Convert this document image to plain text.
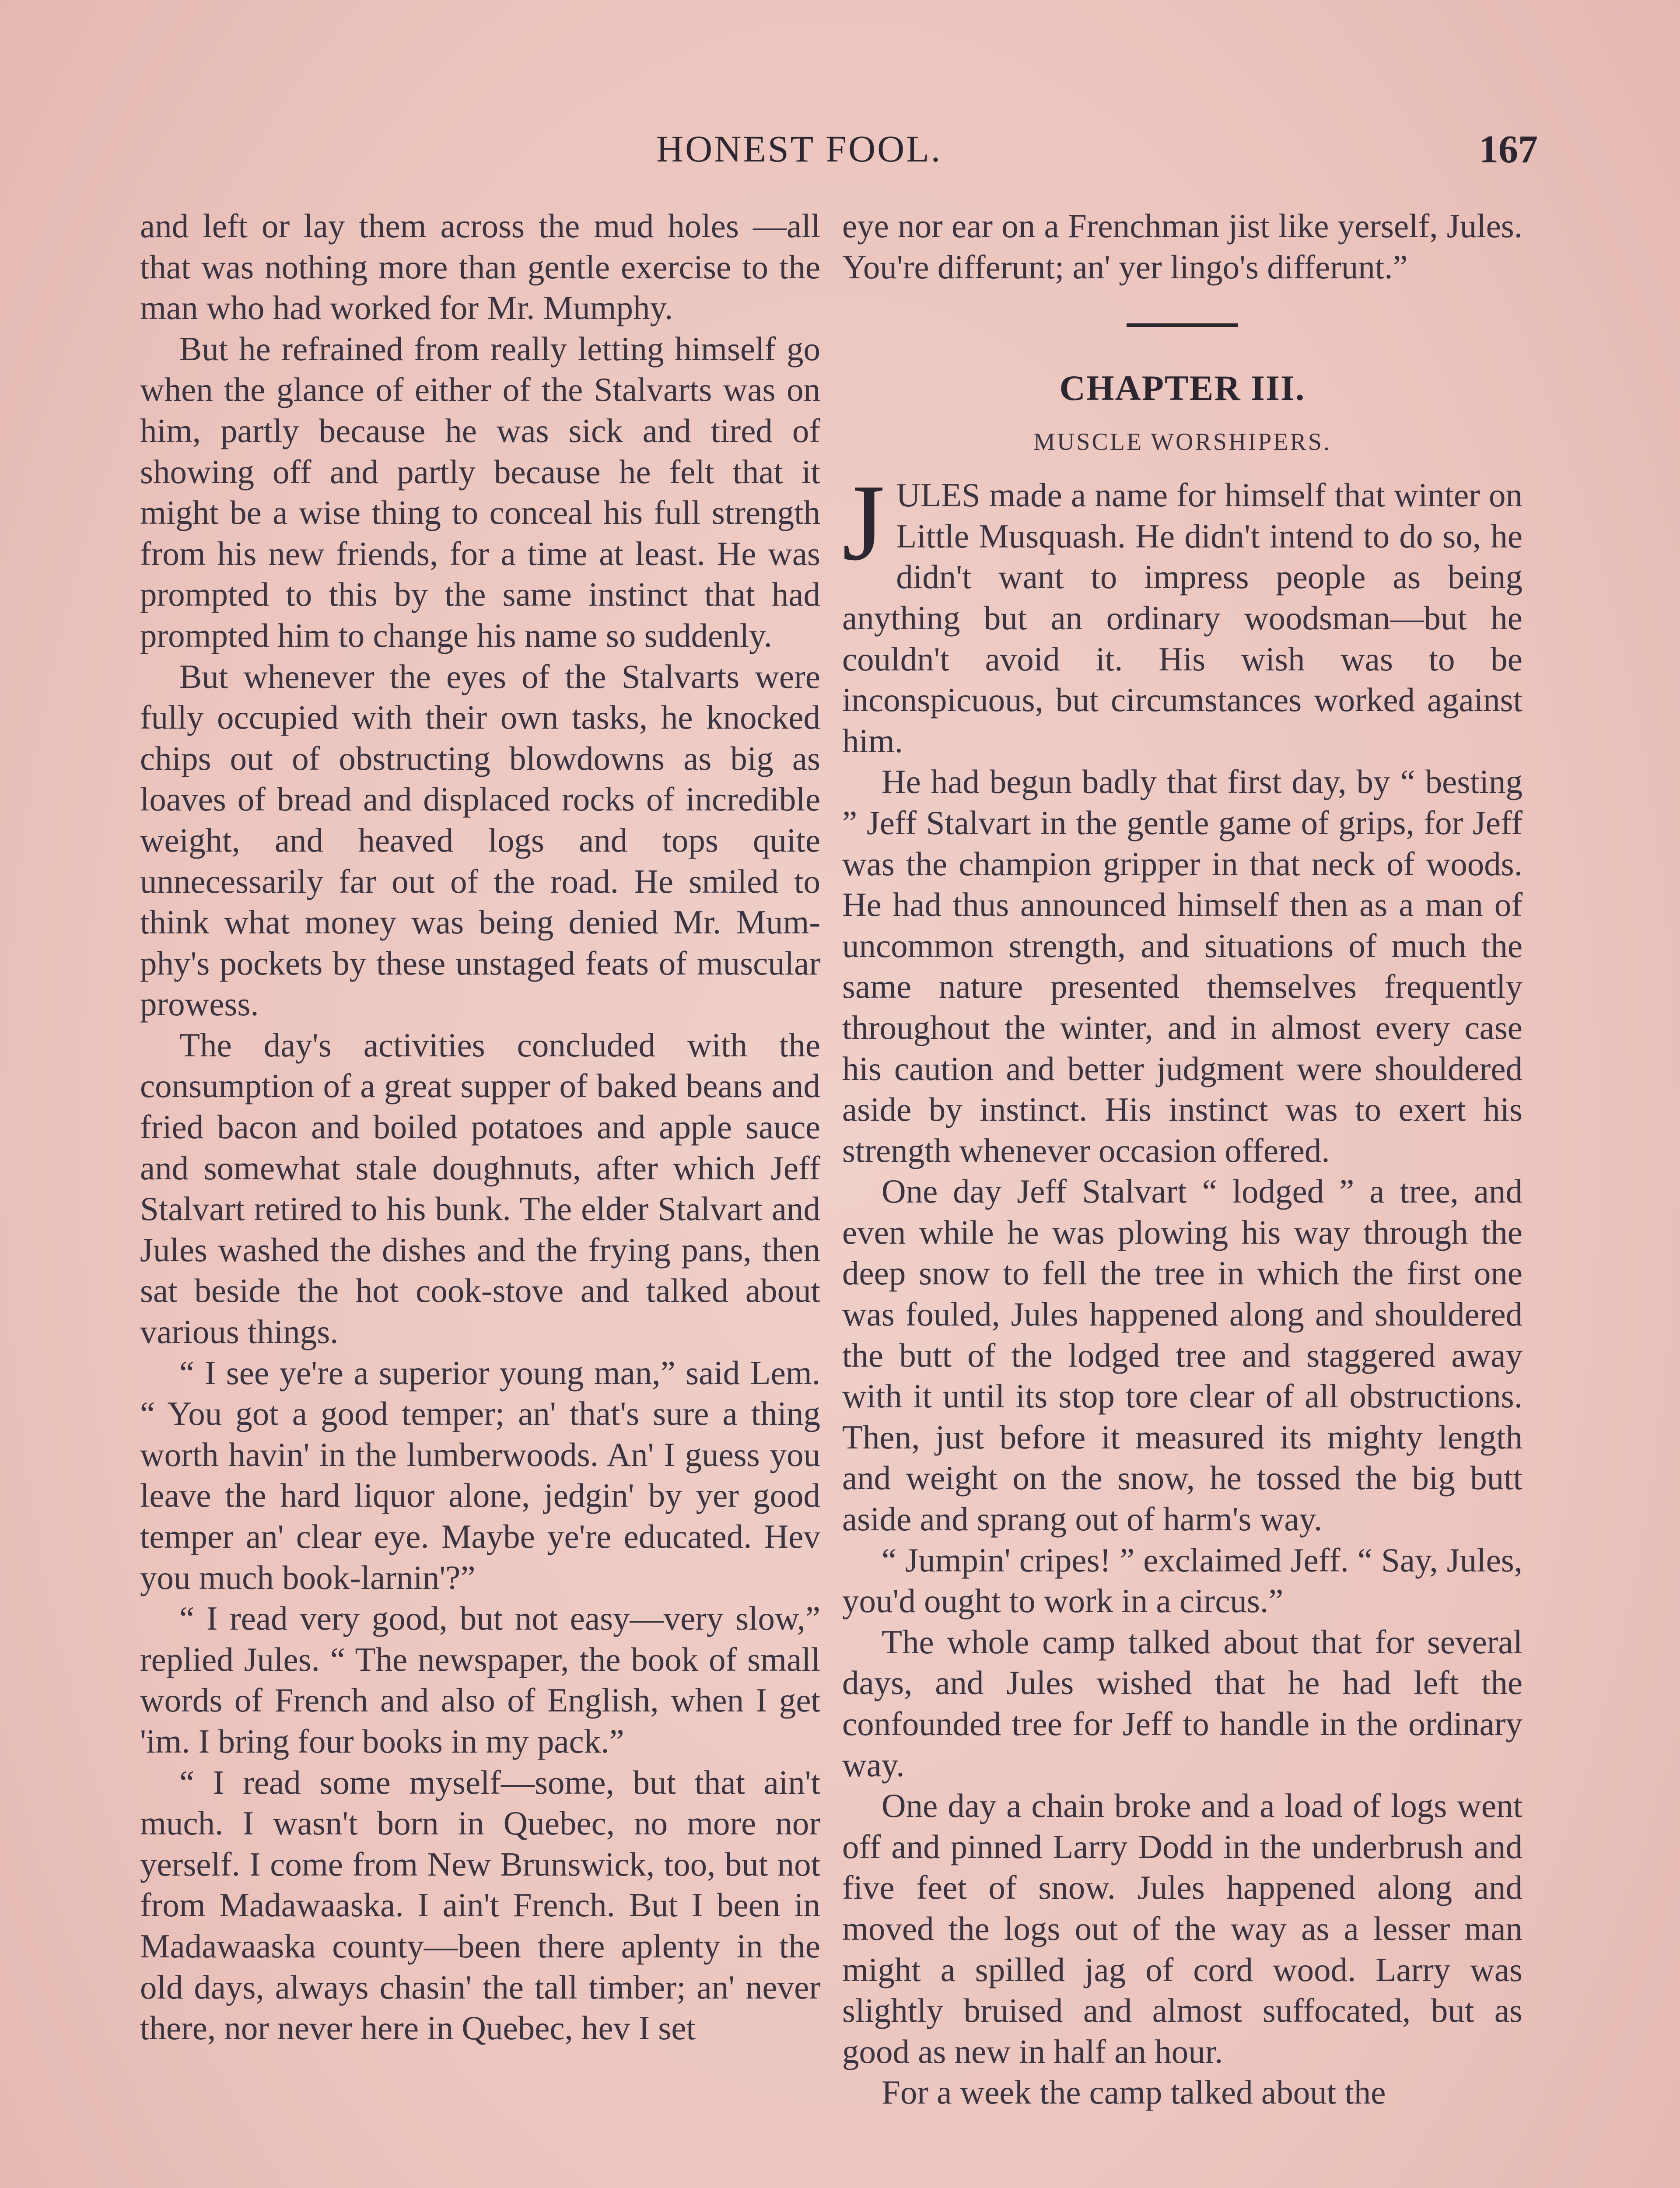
HONEST FOOL.	167

and left or lay them across the mud holes —all that was nothing more than gentle exercise to the man who had worked for Mr. Mumphy.

But he refrained from really letting himself go when the glance of either of the Stalvarts was on him, partly because he was sick and tired of showing off and partly because he felt that it might be a wise thing to conceal his full strength from his new friends, for a time at least. He was prompted to this by the same instinct that had prompted him to change his name so suddenly.

But whenever the eyes of the Stalvarts were fully occupied with their own tasks, he knocked chips out of obstructing blowdowns as big as loaves of bread and displaced rocks of incredible weight, and heaved logs and tops quite unnecessarily far out of the road. He smiled to think what money was being denied Mr. Mumphy's pockets by these unstaged feats of muscular prowess.

The day's activities concluded with the consumption of a great supper of baked beans and fried bacon and boiled potatoes and apple sauce and somewhat stale doughnuts, after which Jeff Stalvart retired to his bunk. The elder Stalvart and Jules washed the dishes and the frying pans, then sat beside the hot cook-stove and talked about various things.

“ I see ye're a superior young man,” said Lem. “ You got a good temper; an' that's sure a thing worth havin' in the lumberwoods. An' I guess you leave the hard liquor alone, jedgin' by yer good temper an' clear eye. Maybe ye're educated. Hev you much book-larnin'?”

“ I read very good, but not easy—very slow,” replied Jules. “ The newspaper, the book of small words of French and also of English, when I get 'im. I bring four books in my pack.”

“ I read some myself—some, but that ain't much. I wasn't born in Quebec, no more nor yerself. I come from New Brunswick, too, but not from Madawaaska. I ain't French. But I been in Madawaaska county—been there aplenty in the old days, always chasin' the tall timber; an' never there, nor never here in Quebec, hev I set

eye nor ear on a Frenchman jist like yerself, Jules. You're differunt; an' yer lingo's differunt.”

CHAPTER III.
MUSCLE WORSHIPERS.

JULES made a name for himself that winter on Little Musquash. He didn't intend to do so, he didn't want to impress people as being anything but an ordinary woodsman—but he couldn't avoid it. His wish was to be inconspicuous, but circumstances worked against him.

He had begun badly that first day, by “ besting ” Jeff Stalvart in the gentle game of grips, for Jeff was the champion gripper in that neck of woods. He had thus announced himself then as a man of uncommon strength, and situations of much the same nature presented themselves frequently throughout the winter, and in almost every case his caution and better judgment were shouldered aside by instinct. His instinct was to exert his strength whenever occasion offered.

One day Jeff Stalvart “ lodged ” a tree, and even while he was plowing his way through the deep snow to fell the tree in which the first one was fouled, Jules happened along and shouldered the butt of the lodged tree and staggered away with it until its stop tore clear of all obstructions. Then, just before it measured its mighty length and weight on the snow, he tossed the big butt aside and sprang out of harm's way.

“ Jumpin' cripes! ” exclaimed Jeff. “ Say, Jules, you'd ought to work in a circus.”

The whole camp talked about that for several days, and Jules wished that he had left the confounded tree for Jeff to handle in the ordinary way.

One day a chain broke and a load of logs went off and pinned Larry Dodd in the underbrush and five feet of snow. Jules happened along and moved the logs out of the way as a lesser man might a spilled jag of cord wood. Larry was slightly bruised and almost suffocated, but as good as new in half an hour.

For a week the camp talked about the
